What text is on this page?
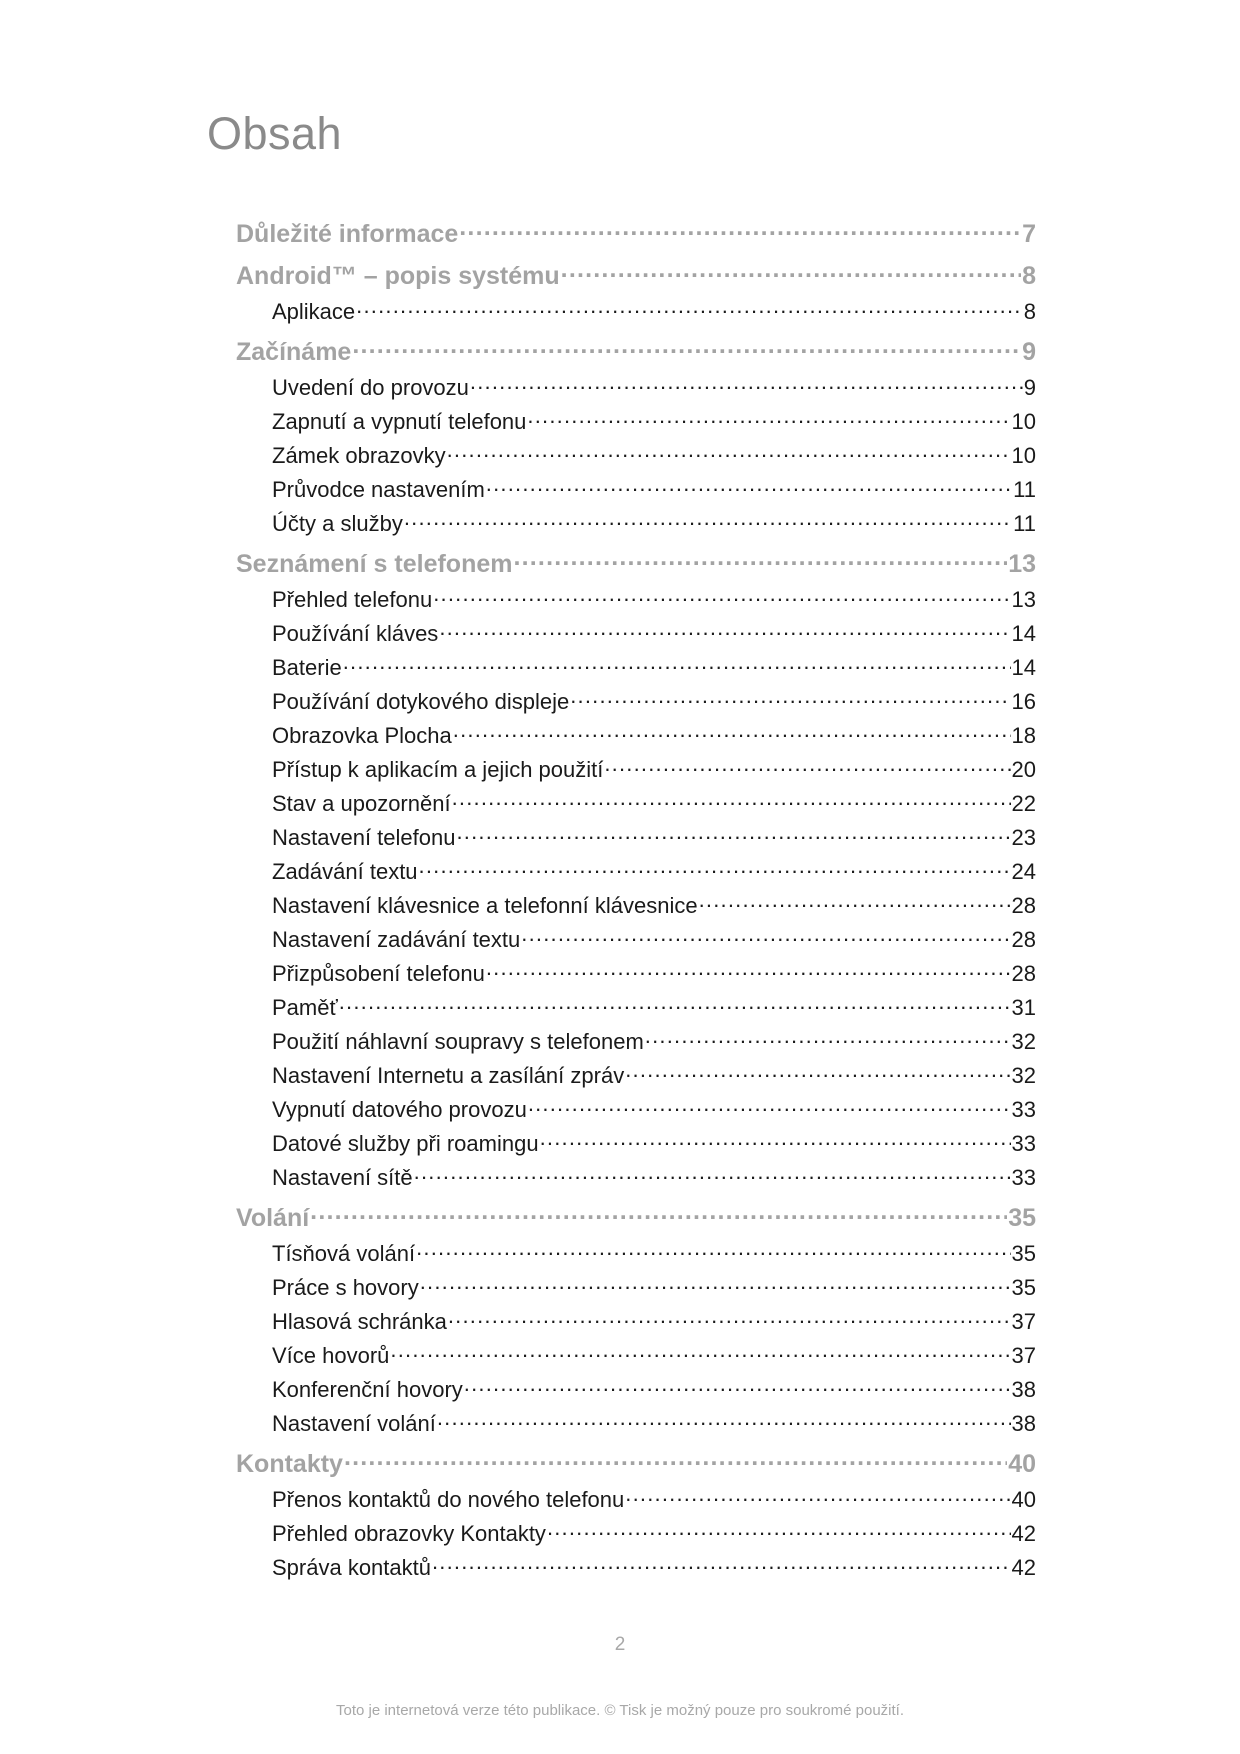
Obsah
Důležité informace .....	7
Android™ – popis systému .....	8
Aplikace .....	8
Začínáme .....	9
Uvedení do provozu .....	9
Zapnutí a vypnutí telefonu .....	10
Zámek obrazovky .....	10
Průvodce nastavením .....	11
Účty a služby .....	11
Seznámení s telefonem .....	13
Přehled telefonu .....	13
Používání kláves .....	14
Baterie .....	14
Používání dotykového displeje .....	16
Obrazovka Plocha .....	18
Přístup k aplikacím a jejich použití .....	20
Stav a upozornění .....	22
Nastavení telefonu .....	23
Zadávání textu .....	24
Nastavení klávesnice a telefonní klávesnice .....	28
Nastavení zadávání textu .....	28
Přizpůsobení telefonu .....	28
Paměť .....	31
Použití náhlavní soupravy s telefonem .....	32
Nastavení Internetu a zasílání zpráv .....	32
Vypnutí datového provozu .....	33
Datové služby při roamingu .....	33
Nastavení sítě .....	33
Volání .....	35
Tísňová volání .....	35
Práce s hovory .....	35
Hlasová schránka .....	37
Více hovorů .....	37
Konferenční hovory .....	38
Nastavení volání .....	38
Kontakty .....	40
Přenos kontaktů do nového telefonu .....	40
Přehled obrazovky Kontakty .....	42
Správa kontaktů .....	42

2

Toto je internetová verze této publikace. © Tisk je možný pouze pro soukromé použití.
